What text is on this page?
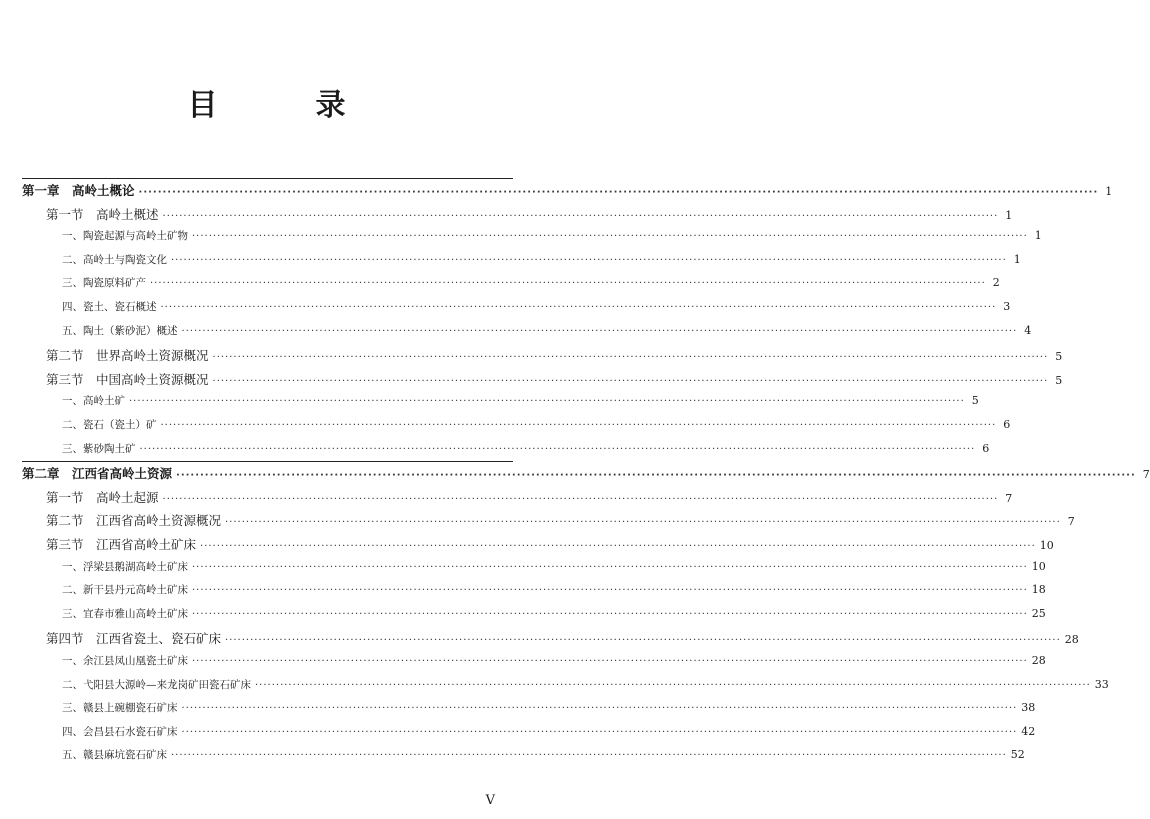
目　录
第一章　高岭土概论 ········································································································································································································ 1
第一节　高岭土概述 ········································································································································································································ 1
一、陶瓷起源与高岭土矿物 ········································································································································································································ 1
二、高岭土与陶瓷文化 ········································································································································································································ 1
三、陶瓷原料矿产 ········································································································································································································ 2
四、瓷土、瓷石概述 ········································································································································································································ 3
五、陶土（紫砂泥）概述 ········································································································································································································ 4
第二节　世界高岭土资源概况 ········································································································································································································ 5
第三节　中国高岭土资源概况 ········································································································································································································ 5
一、高岭土矿 ········································································································································································································ 5
二、瓷石（瓷土）矿 ········································································································································································································ 6
三、紫砂陶土矿 ········································································································································································································ 6
第二章　江西省高岭土资源 ········································································································································································································ 7
第一节　高岭土起源 ········································································································································································································ 7
第二节　江西省高岭土资源概况 ········································································································································································································ 7
第三节　江西省高岭土矿床 ········································································································································································································ 10
一、浮梁县鹅湖高岭土矿床 ········································································································································································································ 10
二、新干县丹元高岭土矿床 ········································································································································································································ 18
三、宜春市雅山高岭土矿床 ········································································································································································································ 25
第四节　江西省瓷土、瓷石矿床 ········································································································································································································ 28
一、余江县凤山凰瓷土矿床 ········································································································································································································ 28
二、弋阳县大源岭—来龙岗矿田瓷石矿床 ········································································································································································································ 33
三、赣县上碗棚瓷石矿床 ········································································································································································································ 38
四、会昌县石水瓷石矿床 ········································································································································································································ 42
五、赣县麻坑瓷石矿床 ········································································································································································································ 52
V
